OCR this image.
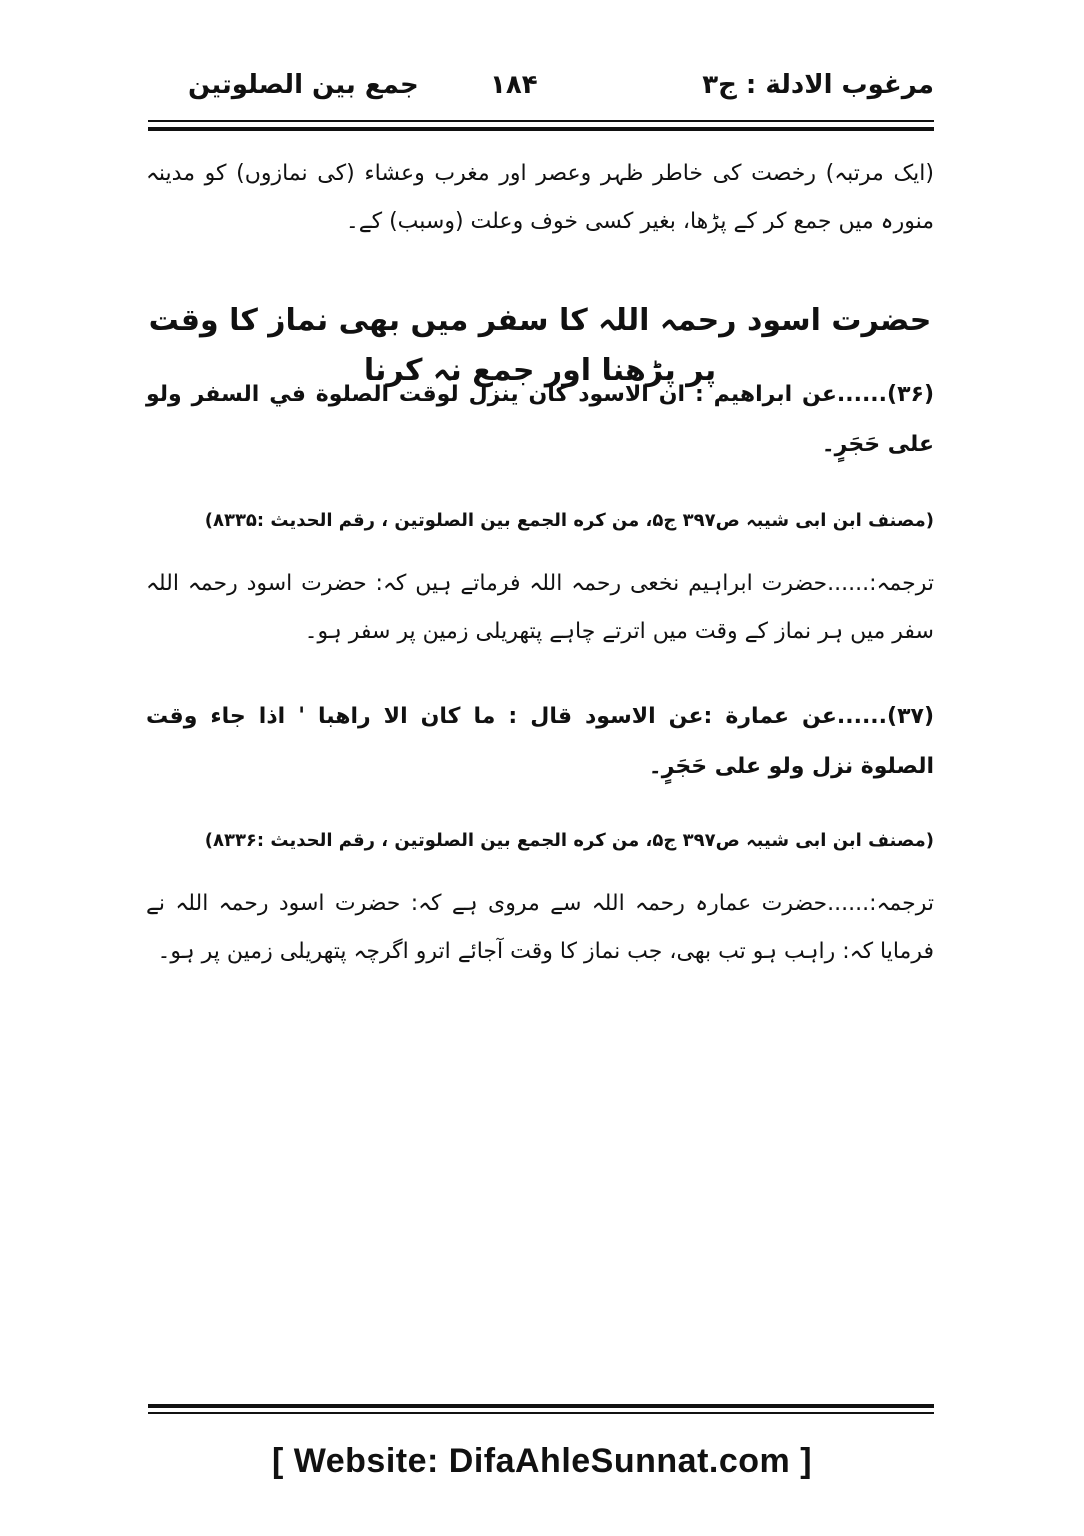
مرغوب الادلة : ج۳
۱۸۴
جمع بین الصلوتین
(ایک مرتبہ) رخصت کی خاطر ظہر وعصر اور مغرب وعشاء (کی نمازوں) کو مدینہ منورہ میں جمع کر کے پڑھا، بغیر کسی خوف وعلت (وسبب) کے۔
حضرت اسود رحمہ اللہ کا سفر میں بھی نماز کا وقت پر پڑھنا اور جمع نہ کرنا
(۳۶)......عن ابراهيم : ان الاسود كان ينزل لوقت الصلوة في السفر ولو على حَجَرٍ۔
(مصنف ابن ابی شیبہ ص۳۹۷ ج۵، من كره الجمع بين الصلوتين ، رقم الحديث :۸۳۳۵)
ترجمہ:......حضرت ابراہیم نخعی رحمہ اللہ فرماتے ہیں کہ: حضرت اسود رحمہ اللہ سفر میں ہر نماز کے وقت میں اترتے چاہے پتھریلی زمین پر سفر ہو۔
(۳۷)......عن عمارة :عن الاسود قال : ما كان الا راهبا ' اذا جاء وقت الصلوة نزل ولو على حَجَرٍ۔
(مصنف ابن ابی شیبہ ص۳۹۷ ج۵، من كره الجمع بين الصلوتين ، رقم الحديث :۸۳۳۶)
ترجمہ:......حضرت عمارہ رحمہ اللہ سے مروی ہے کہ: حضرت اسود رحمہ اللہ نے فرمایا کہ: راہب ہو تب بھی، جب نماز کا وقت آجائے اترو اگرچہ پتھریلی زمین پر ہو۔
[ Website: DifaAhleSunnat.com ]
